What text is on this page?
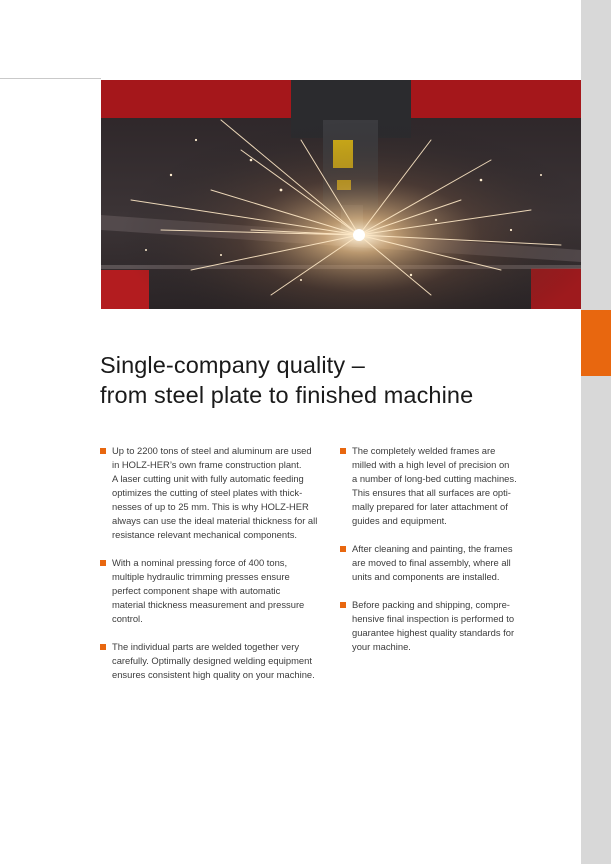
Single-company quality –
from steel plate to finished machine
Up to 2200 tons of steel and aluminum are used
in HOLZ-HER’s own frame construction plant.
A laser cutting unit with fully automatic feeding
optimizes the cutting of steel plates with thick-
nesses of up to 25 mm. This is why HOLZ-HER
always can use the ideal material thickness for all
resistance relevant mechanical components.
With a nominal pressing force of 400 tons,
multiple hydraulic trimming presses ensure
perfect component shape with automatic
material thickness measurement and pressure
control.
The individual parts are welded together very
carefully. Optimally designed welding equipment
ensures consistent high quality on your machine.
The completely welded frames are
milled with a high level of precision on
a number of long-bed cutting machines.
This ensures that all surfaces are opti-
mally prepared for later attachment of
guides and equipment.
After cleaning and painting, the frames
are moved to final assembly, where all
units and components are installed.
Before packing and shipping, compre-
hensive final inspection is performed to
guarantee highest quality standards for
your machine.
